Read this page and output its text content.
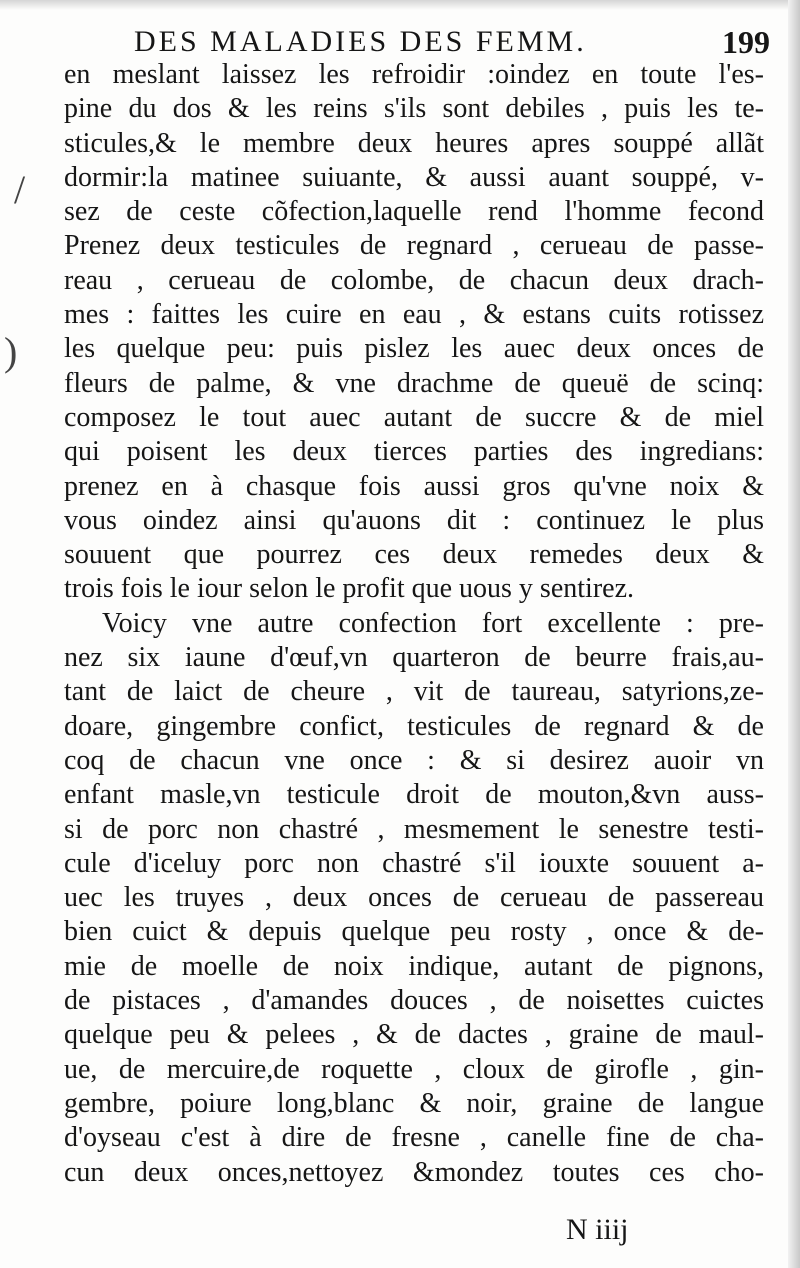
DES MALADIES DES FEMM.	199
/
)
en meslant laissez les refroidir :oindez en toute l'es-
pine du dos & les reins s'ils sont debiles , puis les te-
sticules,& le membre deux heures apres souppé allãt
dormir:la matinee suiuante, & aussi auant souppé, v-
sez de ceste cõfection,laquelle rend l'homme fecond
Prenez deux testicules de regnard , cerueau de passe-
reau , cerueau de colombe, de chacun deux drach-
mes : faittes les cuire en eau , & estans cuits rotissez
les quelque peu: puis pislez les auec deux onces de
fleurs de palme, & vne drachme de queuë de scinq:
composez le tout auec autant de succre & de miel
qui poisent les deux tierces parties des ingredians:
prenez en à chasque fois aussi gros qu'vne noix &
vous oindez ainsi qu'auons dit : continuez le plus
souuent que pourrez ces deux remedes deux &
trois fois le iour selon le profit que uous y sentirez.
Voicy vne autre confection fort excellente : pre-
nez six iaune d'œuf,vn quarteron de beurre frais,au-
tant de laict de cheure , vit de taureau, satyrions,ze-
doare, gingembre confict, testicules de regnard & de
coq de chacun vne once : & si desirez auoir vn
enfant masle,vn testicule droit de mouton,&vn auss-
si de porc non chastré , mesmement le senestre testi-
cule d'iceluy porc non chastré s'il iouxte souuent a-
uec les truyes , deux onces de cerueau de passereau
bien cuict & depuis quelque peu rosty , once & de-
mie de moelle de noix indique, autant de pignons,
de pistaces , d'amandes douces , de noisettes cuictes
quelque peu & pelees , & de dactes , graine de maul-
ue, de mercuire,de roquette , cloux de girofle , gin-
gembre, poiure long,blanc & noir, graine de langue
d'oyseau c'est à dire de fresne , canelle fine de cha-
cun deux onces,nettoyez &mondez toutes ces cho-
N iiij
